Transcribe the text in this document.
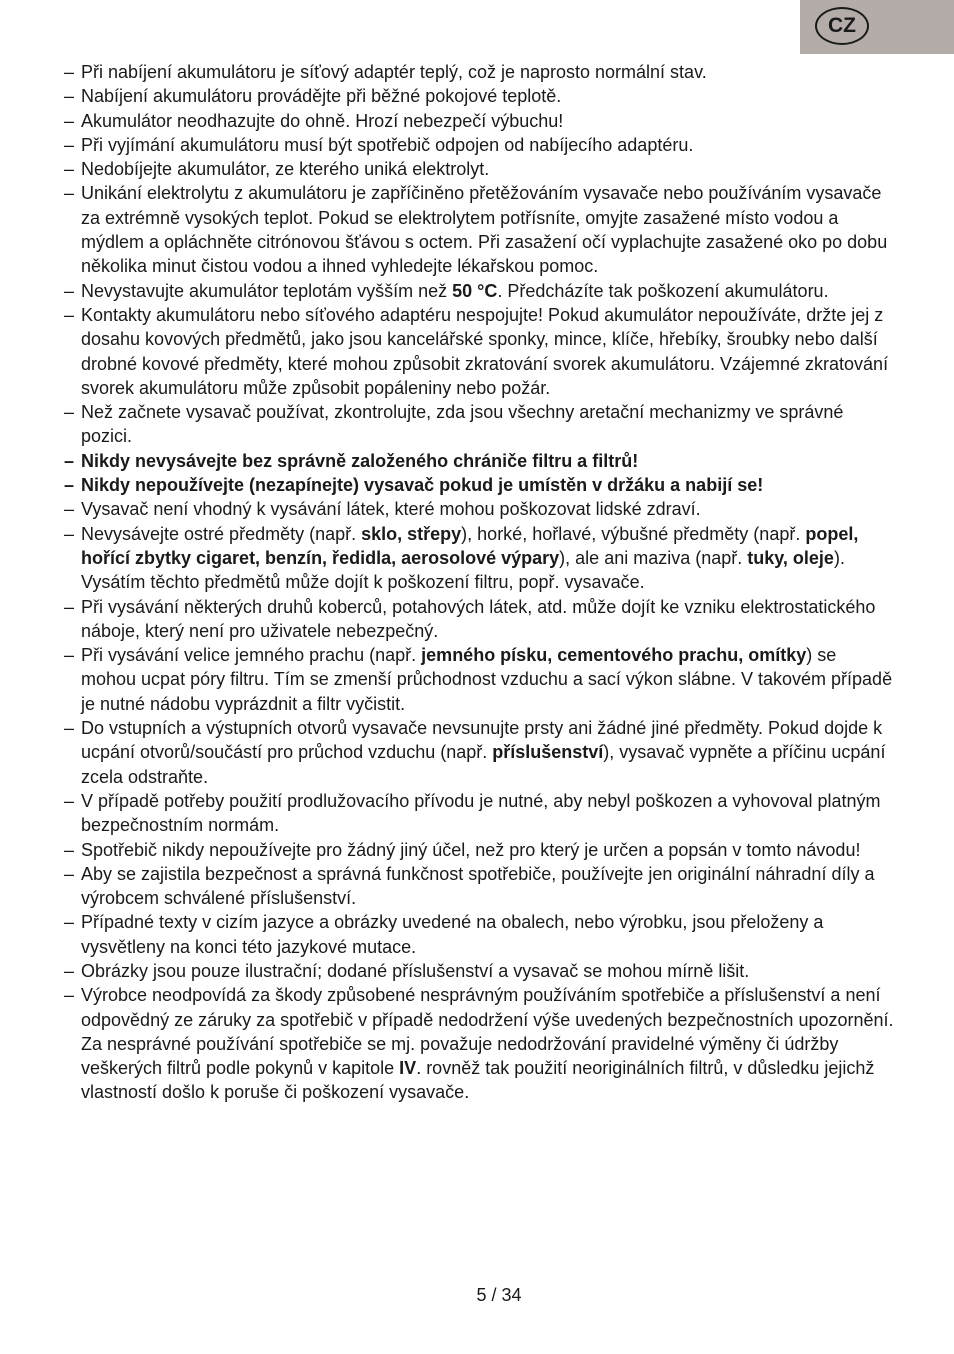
CZ
– Při nabíjení akumulátoru je síťový adaptér teplý, což je naprosto normální stav.
– Nabíjení akumulátoru provádějte při běžné pokojové teplotě.
– Akumulátor neodhazujte do ohně. Hrozí nebezpečí výbuchu!
– Při vyjímání akumulátoru musí být spotřebič odpojen od nabíjecího adaptéru.
– Nedobíjejte akumulátor, ze kterého uniká elektrolyt.
– Unikání elektrolytu z akumulátoru je zapříčiněno přetěžováním vysavače nebo používáním vysavače za extrémně vysokých teplot. Pokud se elektrolytem potřísníte, omyjte zasažené místo vodou a mýdlem a opláchněte citrónovou šťávou s octem. Při zasažení očí vyplachujte zasažené oko po dobu několika minut čistou vodou a ihned vyhledejte lékařskou pomoc.
– Nevystavujte akumulátor teplotám vyšším než 50 °C. Předcházíte tak poškození akumulátoru.
– Kontakty akumulátoru nebo síťového adaptéru nespojujte! Pokud akumulátor nepoužíváte, držte jej z dosahu kovových předmětů, jako jsou kancelářské sponky, mince, klíče, hřebíky, šroubky nebo další drobné kovové předměty, které mohou způsobit zkratování svorek akumulátoru. Vzájemné zkratování svorek akumulátoru může způsobit popáleniny nebo požár.
– Než začnete vysavač používat, zkontrolujte, zda jsou všechny aretační mechanizmy ve správné pozici.
– Nikdy nevysávejte bez správně založeného chrániče filtru a filtrů!
– Nikdy nepoužívejte (nezapínejte) vysavač pokud je umístěn v držáku a nabijí se!
– Vysavač není vhodný k vysávání látek, které mohou poškozovat lidské zdraví.
– Nevysávejte ostré předměty (např. sklo, střepy), horké, hořlavé, výbušné předměty (např. popel, hořící zbytky cigaret, benzín, ředidla, aerosolové výpary), ale ani maziva (např. tuky, oleje). Vysátím těchto předmětů může dojít k poškození filtru, popř. vysavače.
– Při vysávání některých druhů koberců, potahových látek, atd. může dojít ke vzniku elektrostatického náboje, který není pro uživatele nebezpečný.
– Při vysávání velice jemného prachu (např. jemného písku, cementového prachu, omítky) se mohou ucpat póry filtru. Tím se zmenší průchodnost vzduchu a sací výkon slábne. V takovém případě je nutné nádobu vyprázdnit a filtr vyčistit.
– Do vstupních a výstupních otvorů vysavače nevsunujte prsty ani žádné jiné předměty. Pokud dojde k ucpání otvorů/součástí pro průchod vzduchu (např. příslušenství), vysavač vypněte a příčinu ucpání zcela odstraňte.
– V případě potřeby použití prodlužovacího přívodu je nutné, aby nebyl poškozen a vyhovoval platným bezpečnostním normám.
– Spotřebič nikdy nepoužívejte pro žádný jiný účel, než pro který je určen a popsán v tomto návodu!
– Aby se zajistila bezpečnost a správná funkčnost spotřebiče, používejte jen originální náhradní díly a výrobcem schválené příslušenství.
– Případné texty v cizím jazyce a obrázky uvedené na obalech, nebo výrobku, jsou přeloženy a vysvětleny na konci této jazykové mutace.
– Obrázky jsou pouze ilustrační; dodané příslušenství a vysavač se mohou mírně lišit.
– Výrobce neodpovídá za škody způsobené nesprávným používáním spotřebiče a příslušenství a není odpovědný ze záruky za spotřebič v případě nedodržení výše uvedených bezpečnostních upozornění. Za nesprávné používání spotřebiče se mj. považuje nedodržování pravidelné výměny či údržby veškerých filtrů podle pokynů v kapitole IV. rovněž tak použití neoriginálních filtrů, v důsledku jejichž vlastností došlo k poruše či poškození vysavače.
5 / 34
